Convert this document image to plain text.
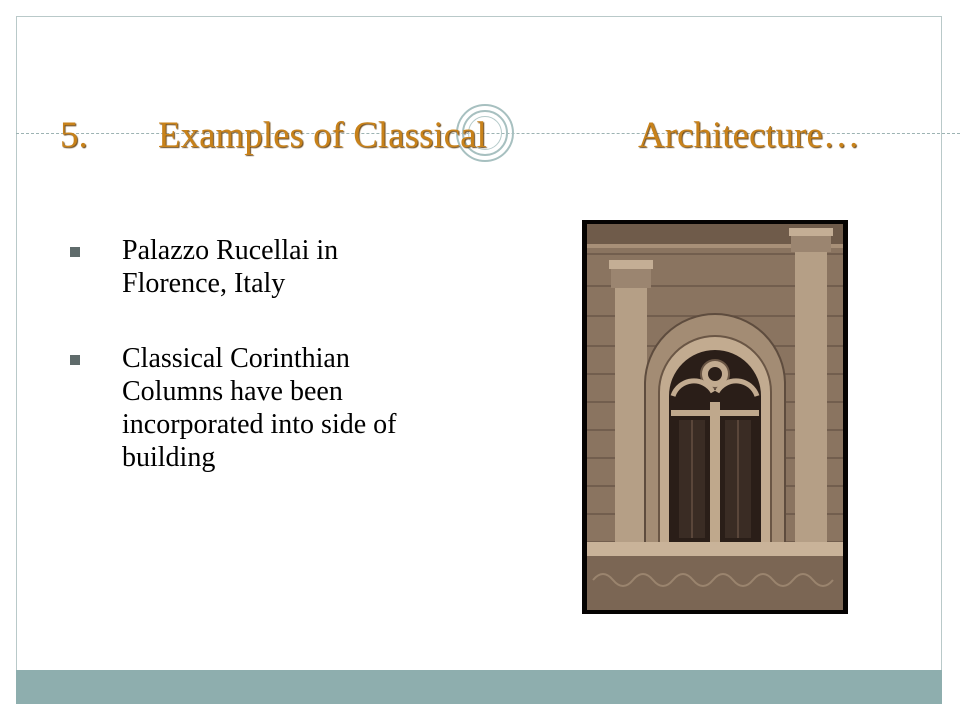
5. Examples of Classical	Architecture…
Palazzo Rucellai in
Florence, Italy
Classical Corinthian
Columns have been
incorporated into side of
building
